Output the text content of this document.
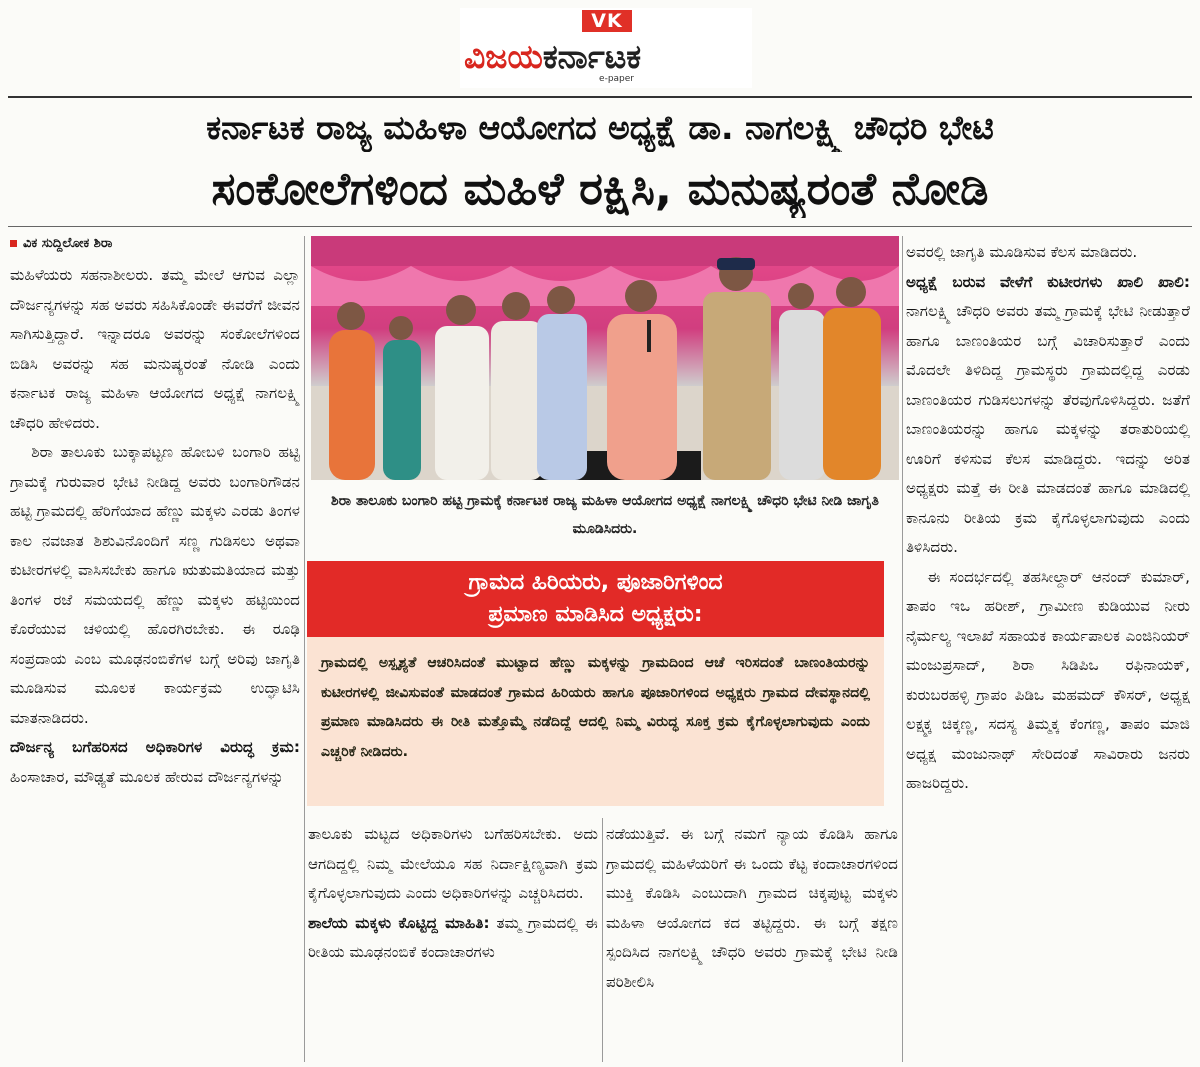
VK
ವಿಜಯಕರ್ನಾಟಕ
e-paper
ಕರ್ನಾಟಕ ರಾಜ್ಯ ಮಹಿಳಾ ಆಯೋಗದ ಅಧ್ಯಕ್ಷೆ ಡಾ. ನಾಗಲಕ್ಷ್ಮಿ ಚೌಧರಿ ಭೇಟಿ
ಸಂಕೋಲೆಗಳಿಂದ ಮಹಿಳೆ ರಕ್ಷಿಸಿ, ಮನುಷ್ಯರಂತೆ ನೋಡಿ
ವಿಕ ಸುದ್ದಿಲೋಕ ಶಿರಾ

ಮಹಿಳೆಯರು ಸಹನಾಶೀಲರು. ತಮ್ಮ ಮೇಲೆ ಆಗುವ ಎಲ್ಲಾ ದೌರ್ಜನ್ಯಗಳನ್ನು ಸಹ ಅವರು ಸಹಿಸಿಕೊಂಡೇ ಈವರೆಗೆ ಜೀವನ ಸಾಗಿಸುತ್ತಿದ್ದಾರೆ. ಇನ್ನಾದರೂ ಅವರನ್ನು ಸಂಕೋಲೆಗಳಿಂದ ಬಿಡಿಸಿ ಅವರನ್ನು ಸಹ ಮನುಷ್ಯರಂತೆ ನೋಡಿ ಎಂದು ಕರ್ನಾಟಕ ರಾಜ್ಯ ಮಹಿಳಾ ಆಯೋಗದ ಅಧ್ಯಕ್ಷೆ ನಾಗಲಕ್ಷ್ಮಿ ಚೌಧರಿ ಹೇಳಿದರು.

ಶಿರಾ ತಾಲೂಕು ಬುಕ್ಕಾಪಟ್ಟಣ ಹೋಬಳಿ ಬಂಗಾರಿ ಹಟ್ಟಿ ಗ್ರಾಮಕ್ಕೆ ಗುರುವಾರ ಭೇಟಿ ನೀಡಿದ್ದ ಅವರು ಬಂಗಾರಿಗೌಡನ ಹಟ್ಟಿ ಗ್ರಾಮದಲ್ಲಿ ಹೆರಿಗೆಯಾದ ಹೆಣ್ಣು ಮಕ್ಕಳು ಎರಡು ತಿಂಗಳ ಕಾಲ ನವಜಾತ ಶಿಶುವಿನೊಂದಿಗೆ ಸಣ್ಣ ಗುಡಿಸಲು ಅಥವಾ ಕುಟೀರಗಳಲ್ಲಿ ವಾಸಿಸಬೇಕು ಹಾಗೂ ಋತುಮತಿಯಾದ ಮತ್ತು ತಿಂಗಳ ರಜೆ ಸಮಯದಲ್ಲಿ ಹೆಣ್ಣು ಮಕ್ಕಳು ಹಟ್ಟಿಯಿಂದ ಕೊರೆಯುವ ಚಳಿಯಲ್ಲಿ ಹೊರಗಿರಬೇಕು. ಈ ರೂಢಿ ಸಂಪ್ರದಾಯ ಎಂಬ ಮೂಢನಂಬಿಕೆಗಳ ಬಗ್ಗೆ ಅರಿವು ಜಾಗೃತಿ ಮೂಡಿಸುವ ಮೂಲಕ ಕಾರ್ಯಕ್ರಮ ಉದ್ಘಾಟಿಸಿ ಮಾತನಾಡಿದರು.

ದೌರ್ಜನ್ಯ ಬಗೆಹರಿಸದ ಅಧಿಕಾರಿಗಳ ವಿರುದ್ಧ ಕ್ರಮ: ಹಿಂಸಾಚಾರ, ಮೌಢ್ಯತೆ ಮೂಲಕ ಹೇರುವ ದೌರ್ಜನ್ಯಗಳನ್ನು

ಶಿರಾ ತಾಲೂಕು ಬಂಗಾರಿ ಹಟ್ಟಿ ಗ್ರಾಮಕ್ಕೆ ಕರ್ನಾಟಕ ರಾಜ್ಯ ಮಹಿಳಾ ಆಯೋಗದ ಅಧ್ಯಕ್ಷೆ ನಾಗಲಕ್ಷ್ಮಿ ಚೌಧರಿ ಭೇಟಿ ನೀಡಿ ಜಾಗೃತಿ ಮೂಡಿಸಿದರು.
ಗ್ರಾಮದ ಹಿರಿಯರು, ಪೂಜಾರಿಗಳಿಂದ
ಪ್ರಮಾಣ ಮಾಡಿಸಿದ ಅಧ್ಯಕ್ಷರು:
ಗ್ರಾಮದಲ್ಲಿ ಅಸ್ಪೃಶ್ಯತೆ ಆಚರಿಸಿದಂತೆ ಮುಟ್ಟಾದ ಹೆಣ್ಣು ಮಕ್ಕಳನ್ನು ಗ್ರಾಮದಿಂದ ಆಚೆ ಇರಿಸದಂತೆ ಬಾಣಂತಿಯರನ್ನು ಕುಟೀರಗಳಲ್ಲಿ ಜೀವಿಸುವಂತೆ ಮಾಡದಂತೆ ಗ್ರಾಮದ ಹಿರಿಯರು ಹಾಗೂ ಪೂಜಾರಿಗಳಿಂದ ಅಧ್ಯಕ್ಷರು ಗ್ರಾಮದ ದೇವಸ್ಥಾನದಲ್ಲಿ ಪ್ರಮಾಣ ಮಾಡಿಸಿದರು ಈ ರೀತಿ ಮತ್ತೊಮ್ಮೆ ನಡೆದಿದ್ದೆ ಆದಲ್ಲಿ ನಿಮ್ಮ ವಿರುದ್ಧ ಸೂಕ್ತ ಕ್ರಮ ಕೈಗೊಳ್ಳಲಾಗುವುದು ಎಂದು ಎಚ್ಚರಿಕೆ ನೀಡಿದರು.

ತಾಲೂಕು ಮಟ್ಟದ ಅಧಿಕಾರಿಗಳು ಬಗೆಹರಿಸಬೇಕು. ಅದು ಆಗದಿದ್ದಲ್ಲಿ ನಿಮ್ಮ ಮೇಲೆಯೂ ಸಹ ನಿರ್ದಾಕ್ಷಿಣ್ಯವಾಗಿ ಕ್ರಮ ಕೈಗೊಳ್ಳಲಾಗುವುದು ಎಂದು ಅಧಿಕಾರಿಗಳನ್ನು ಎಚ್ಚರಿಸಿದರು.

ಶಾಲೆಯ ಮಕ್ಕಳು ಕೊಟ್ಟಿದ್ದ ಮಾಹಿತಿ: ತಮ್ಮ ಗ್ರಾಮದಲ್ಲಿ ಈ ರೀತಿಯ ಮೂಢನಂಬಿಕೆ ಕಂದಾಚಾರಗಳು

ನಡೆಯುತ್ತಿವೆ. ಈ ಬಗ್ಗೆ ನಮಗೆ ನ್ಯಾಯ ಕೊಡಿಸಿ ಹಾಗೂ ಗ್ರಾಮದಲ್ಲಿ ಮಹಿಳೆಯರಿಗೆ ಈ ಒಂದು ಕೆಟ್ಟ ಕಂದಾಚಾರಗಳಿಂದ ಮುಕ್ತಿ ಕೊಡಿಸಿ ಎಂಬುದಾಗಿ ಗ್ರಾಮದ ಚಿಕ್ಕಪುಟ್ಟ ಮಕ್ಕಳು ಮಹಿಳಾ ಆಯೋಗದ ಕದ ತಟ್ಟಿದ್ದರು. ಈ ಬಗ್ಗೆ ತಕ್ಷಣ ಸ್ಪಂದಿಸಿದ ನಾಗಲಕ್ಷ್ಮಿ ಚೌಧರಿ ಅವರು ಗ್ರಾಮಕ್ಕೆ ಭೇಟಿ ನೀಡಿ ಪರಿಶೀಲಿಸಿ

ಅವರಲ್ಲಿ ಜಾಗೃತಿ ಮೂಡಿಸುವ ಕೆಲಸ ಮಾಡಿದರು.

ಅಧ್ಯಕ್ಷೆ ಬರುವ ವೇಳೆಗೆ ಕುಟೀರಗಳು ಖಾಲಿ ಖಾಲಿ: ನಾಗಲಕ್ಷ್ಮಿ ಚೌಧರಿ ಅವರು ತಮ್ಮ ಗ್ರಾಮಕ್ಕೆ ಭೇಟಿ ನೀಡುತ್ತಾರೆ ಹಾಗೂ ಬಾಣಂತಿಯರ ಬಗ್ಗೆ ವಿಚಾರಿಸುತ್ತಾರೆ ಎಂದು ಮೊದಲೇ ತಿಳಿದಿದ್ದ ಗ್ರಾಮಸ್ಥರು ಗ್ರಾಮದಲ್ಲಿದ್ದ ಎರಡು ಬಾಣಂತಿಯರ ಗುಡಿಸಲುಗಳನ್ನು ತೆರವುಗೊಳಿಸಿದ್ದರು. ಜತೆಗೆ ಬಾಣಂತಿಯರನ್ನು ಹಾಗೂ ಮಕ್ಕಳನ್ನು ತರಾತುರಿಯಲ್ಲಿ ಊರಿಗೆ ಕಳಿಸುವ ಕೆಲಸ ಮಾಡಿದ್ದರು. ಇದನ್ನು ಅರಿತ ಅಧ್ಯಕ್ಷರು ಮತ್ತೆ ಈ ರೀತಿ ಮಾಡದಂತೆ ಹಾಗೂ ಮಾಡಿದಲ್ಲಿ ಕಾನೂನು ರೀತಿಯ ಕ್ರಮ ಕೈಗೊಳ್ಳಲಾಗುವುದು ಎಂದು ತಿಳಿಸಿದರು.

ಈ ಸಂದರ್ಭದಲ್ಲಿ ತಹಸೀಲ್ದಾರ್ ಆನಂದ್ ಕುಮಾರ್, ತಾಪಂ ಇಒ ಹರೀಶ್, ಗ್ರಾಮೀಣ ಕುಡಿಯುವ ನೀರು ನೈರ್ಮಲ್ಯ ಇಲಾಖೆ ಸಹಾಯಕ ಕಾರ್ಯಪಾಲಕ ಎಂಜಿನಿಯರ್ ಮಂಜುಪ್ರಸಾದ್, ಶಿರಾ ಸಿಡಿಪಿಒ ರಫಿನಾಯಕ್, ಕುರುಬರಹಳ್ಳಿ ಗ್ರಾಪಂ ಪಿಡಿಒ ಮಹಮದ್ ಕೌಸರ್, ಅಧ್ಯಕ್ಷ ಲಕ್ಷ್ಮಕ್ಕ ಚಿಕ್ಕಣ್ಣ, ಸದಸ್ಯ ತಿಮ್ಮಕ್ಕ ಕೆಂಗಣ್ಣ, ತಾಪಂ ಮಾಜಿ ಅಧ್ಯಕ್ಷ ಮಂಜುನಾಥ್ ಸೇರಿದಂತೆ ಸಾವಿರಾರು ಜನರು ಹಾಜರಿದ್ದರು.
